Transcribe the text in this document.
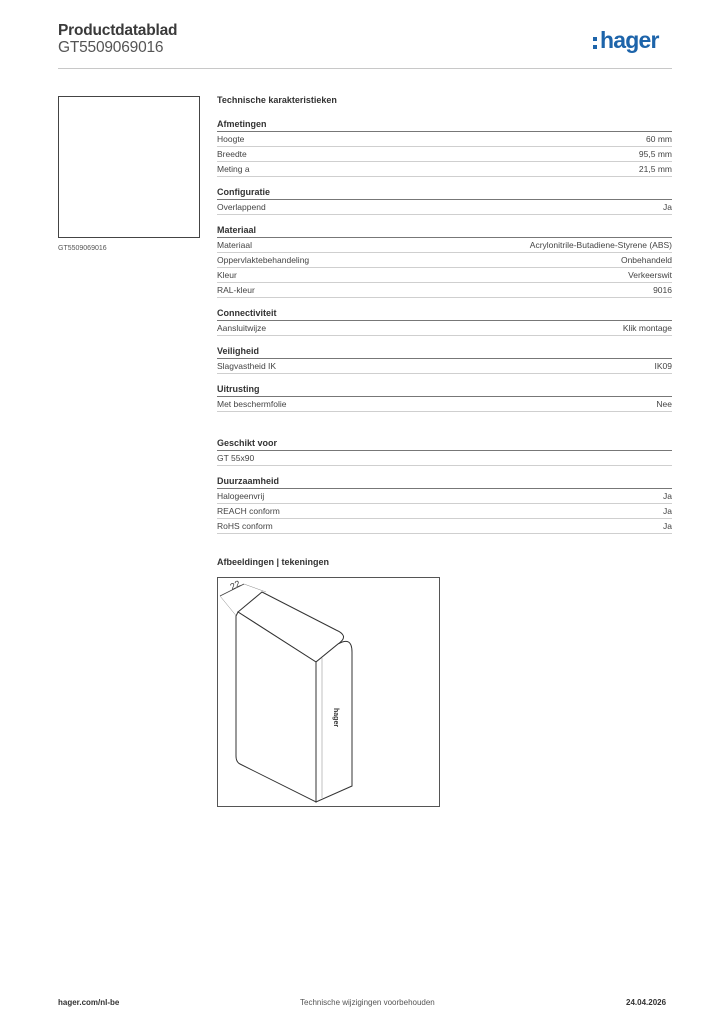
Productdatablad
GT5509069016	hager
GT5509069016
Technische karakteristieken
Afmetingen
Hoogte	60 mm
Breedte	95,5 mm
Meting a	21,5 mm
Configuratie
Overlappend	Ja
Materiaal
Materiaal	Acrylonitrile-Butadiene-Styrene (ABS)
Oppervlaktebehandeling	Onbehandeld
Kleur	Verkeerswit
RAL-kleur	9016
Connectiviteit
Aansluitwijze	Klik montage
Veiligheid
Slagvastheid IK	IK09
Uitrusting
Met beschermfolie	Nee
Geschikt voor
GT 55x90
Duurzaamheid
Halogeenvrij	Ja
REACH conform	Ja
RoHS conform	Ja
Afbeeldingen | tekeningen
22
hager
hager.com/nl-be	Technische wijzigingen voorbehouden	24.04.2026
